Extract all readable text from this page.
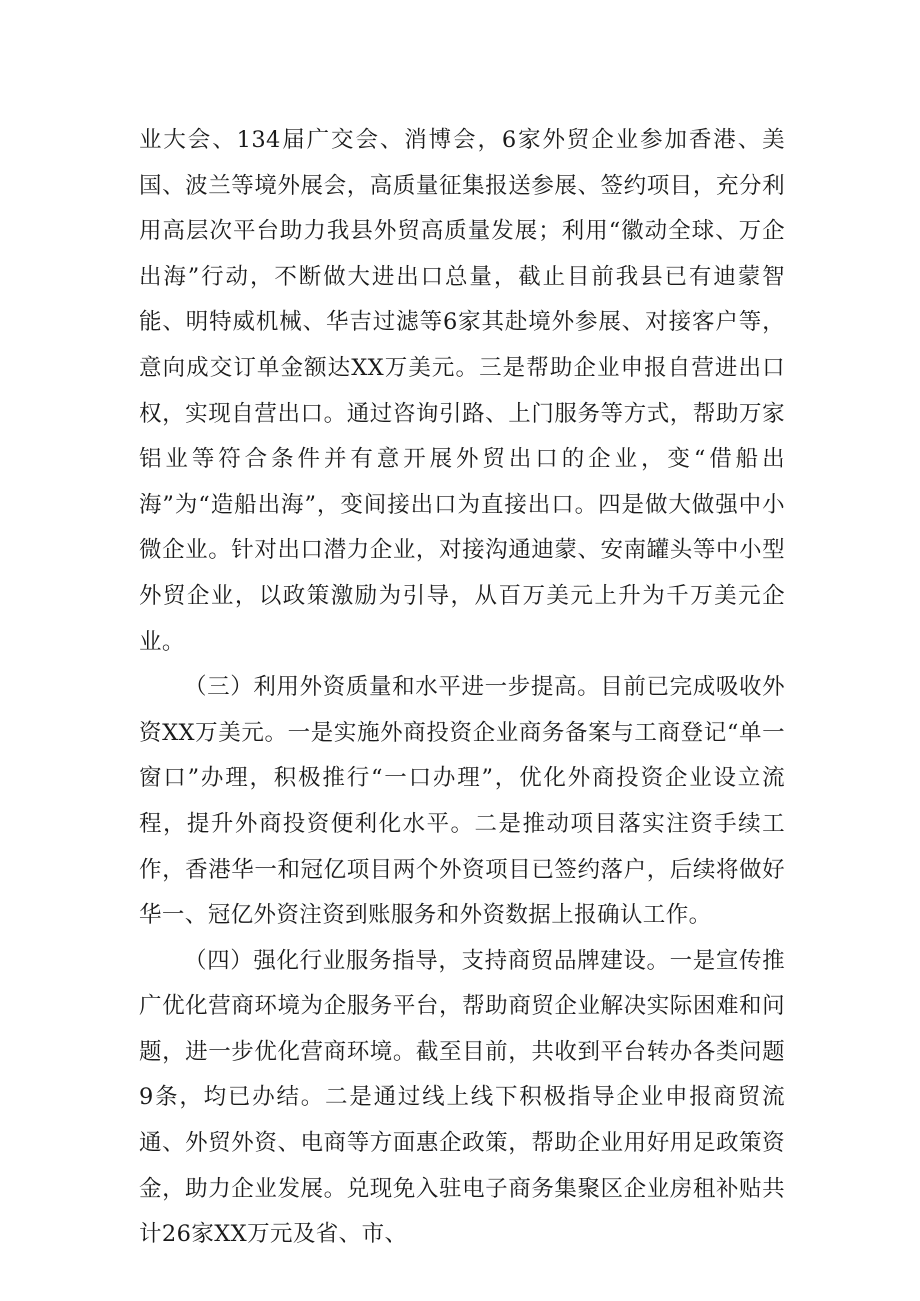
业大会、134届广交会、消博会，6家外贸企业参加香港、美国、波兰等境外展会，高质量征集报送参展、签约项目，充分利用高层次平台助力我县外贸高质量发展；利用“徽动全球、万企出海”行动，不断做大进出口总量，截止目前我县已有迪蒙智能、明特威机械、华吉过滤等6家其赴境外参展、对接客户等，意向成交订单金额达XX万美元。三是帮助企业申报自营进出口权，实现自营出口。通过咨询引路、上门服务等方式，帮助万家铝业等符合条件并有意开展外贸出口的企业，变“借船出海”为“造船出海”，变间接出口为直接出口。四是做大做强中小微企业。针对出口潜力企业，对接沟通迪蒙、安南罐头等中小型外贸企业，以政策激励为引导，从百万美元上升为千万美元企业。

（三）利用外资质量和水平进一步提高。目前已完成吸收外资XX万美元。一是实施外商投资企业商务备案与工商登记“单一窗口”办理，积极推行“一口办理”，优化外商投资企业设立流程，提升外商投资便利化水平。二是推动项目落实注资手续工作，香港华一和冠亿项目两个外资项目已签约落户，后续将做好华一、冠亿外资注资到账服务和外资数据上报确认工作。

（四）强化行业服务指导，支持商贸品牌建设。一是宣传推广优化营商环境为企服务平台，帮助商贸企业解决实际困难和问题，进一步优化营商环境。截至目前，共收到平台转办各类问题9条，均已办结。二是通过线上线下积极指导企业申报商贸流通、外贸外资、电商等方面惠企政策，帮助企业用好用足政策资金，助力企业发展。兑现免入驻电子商务集聚区企业房租补贴共计26家XX万元及省、市、
